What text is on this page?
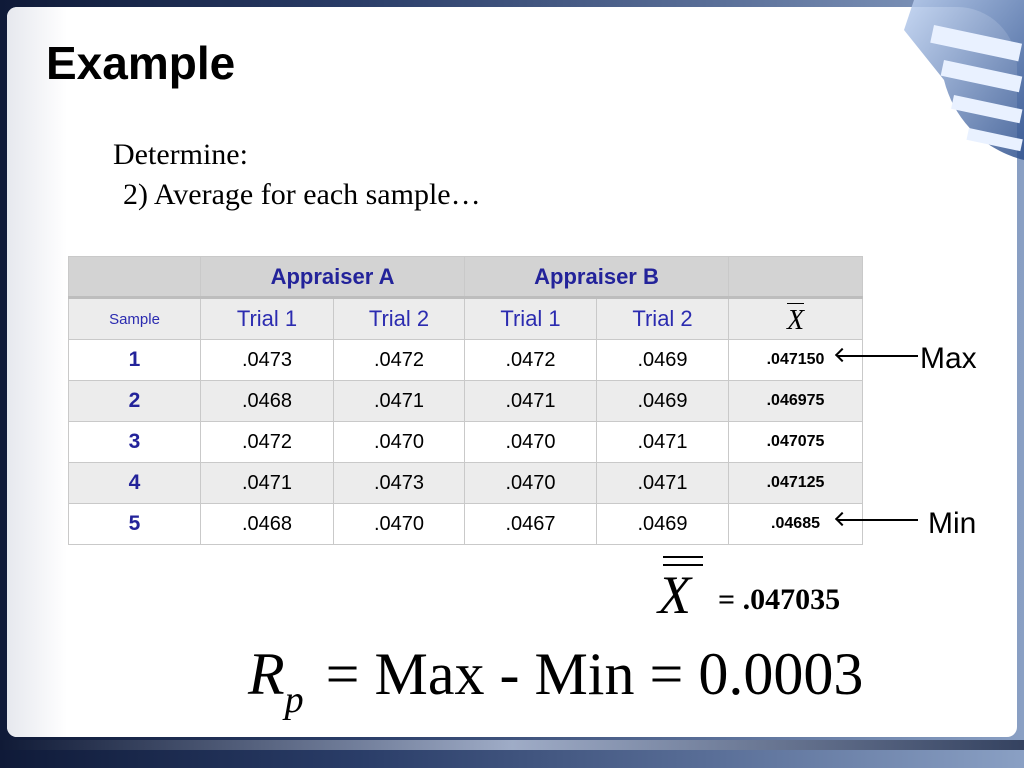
Example
Determine:
2) Average for each sample…
	Appraiser A		Appraiser B		
Sample	Trial 1	Trial 2	Trial 1	Trial 2	X
1	.0473	.0472	.0472	.0469	.047150
2	.0468	.0471	.0471	.0469	.046975
3	.0472	.0470	.0470	.0471	.047075
4	.0471	.0473	.0470	.0471	.047125
5	.0468	.0470	.0467	.0469	.04685
Max
Min
X = .047035
$R_p$ = Max - Min = 0.0003
